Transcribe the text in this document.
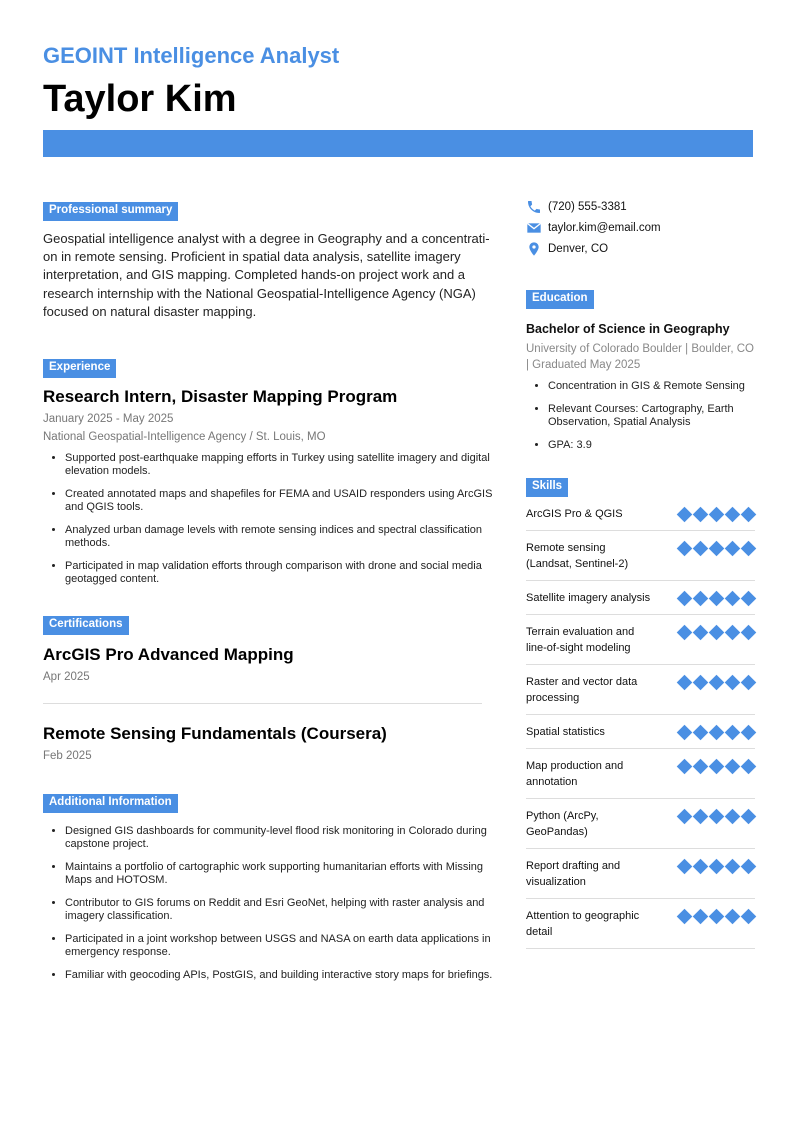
GEOINT Intelligence Analyst
Taylor Kim
Professional summary

Geospatial intelligence analyst with a degree in Geography and a concentrati-on in remote sensing. Proficient in spatial data analysis, satellite imagery interpretation, and GIS mapping. Completed hands-on project work and a research internship with the National Geospatial-Intelligence Agency (NGA) focused on natural disaster mapping.

Experience
Research Intern, Disaster Mapping Program
January 2025 - May 2025
National Geospatial-Intelligence Agency / St. Louis, MO
• Supported post-earthquake mapping efforts in Turkey using satellite imagery and digital elevation models.
• Created annotated maps and shapefiles for FEMA and USAID responders using ArcGIS and QGIS tools.
• Analyzed urban damage levels with remote sensing indices and spectral classification methods.
• Participated in map validation efforts through comparison with drone and social media geotagged content.
Certifications
ArcGIS Pro Advanced Mapping
Apr 2025
Remote Sensing Fundamentals (Coursera)
Feb 2025
Additional Information
• Designed GIS dashboards for community-level flood risk monitoring in Colorado during capstone project.
• Maintains a portfolio of cartographic work supporting humanitarian efforts with Missing Maps and HOTOSM.
• Contributor to GIS forums on Reddit and Esri GeoNet, helping with raster analysis and imagery classification.
• Participated in a joint workshop between USGS and NASA on earth data applications in emergency response.
• Familiar with geocoding APIs, PostGIS, and building interactive story maps for briefings.
(720) 555-3381
taylor.kim@email.com
Denver, CO
Education
Bachelor of Science in Geography
University of Colorado Boulder | Boulder, CO | Graduated May 2025
• Concentration in GIS & Remote Sensing
• Relevant Courses: Cartography, Earth Observation, Spatial Analysis
• GPA: 3.9
Skills
ArcGIS Pro & QGIS
Remote sensing (Landsat, Sentinel-2)
Satellite imagery analysis
Terrain evaluation and line-of-sight modeling
Raster and vector data processing
Spatial statistics
Map production and annotation
Python (ArcPy, GeoPandas)
Report drafting and visualization
Attention to geographic detail
